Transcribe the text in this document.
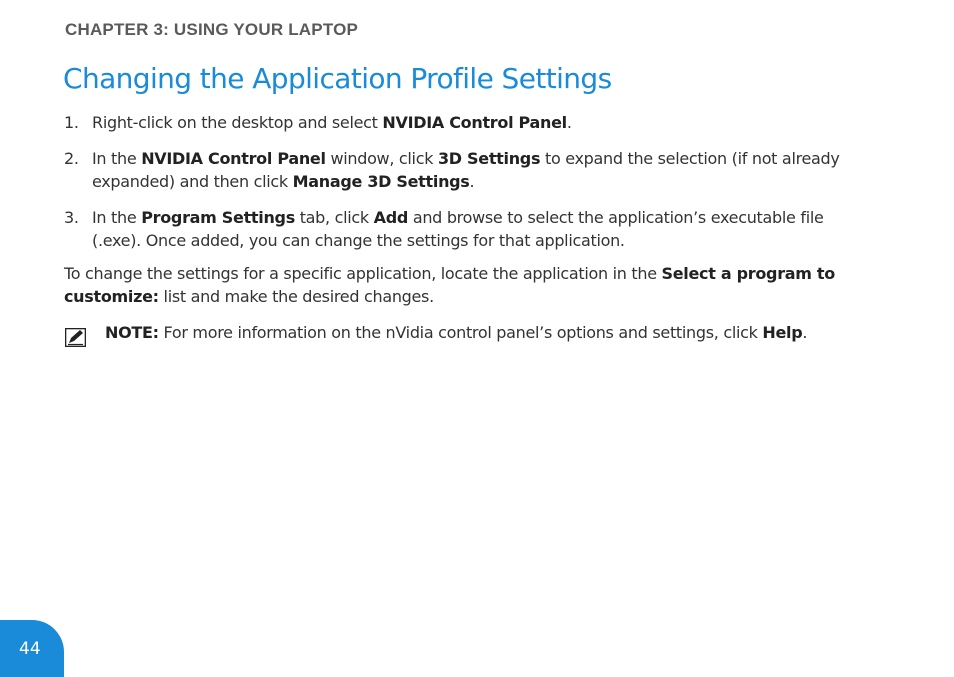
CHAPTER 3: USING YOUR LAPTOP
Changing the Application Profile Settings
1. Right-click on the desktop and select NVIDIA Control Panel.
2. In the NVIDIA Control Panel window, click 3D Settings to expand the selection (if not already expanded) and then click Manage 3D Settings.
3. In the Program Settings tab, click Add and browse to select the application’s executable file (.exe). Once added, you can change the settings for that application.
To change the settings for a specific application, locate the application in the Select a program to customize: list and make the desired changes.
NOTE: For more information on the nVidia control panel’s options and settings, click Help.
44
